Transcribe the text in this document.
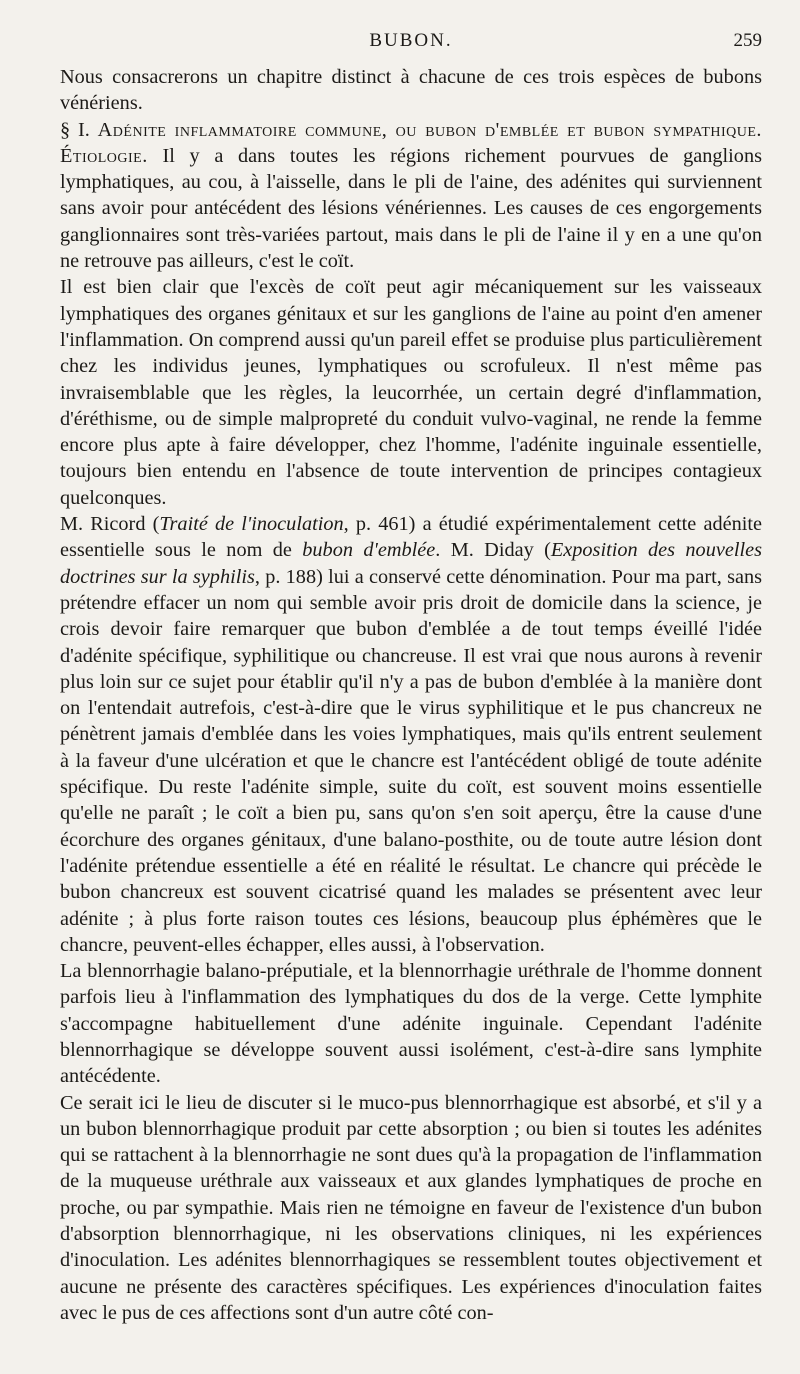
BUBON.	259

Nous consacrerons un chapitre distinct à chacune de ces trois espèces de bubons vénériens.

§ I. Adénite inflammatoire commune, ou bubon d'emblée et bubon sympathique. Étiologie. Il y a dans toutes les régions richement pourvues de ganglions lymphatiques, au cou, à l'aisselle, dans le pli de l'aine, des adénites qui surviennent sans avoir pour antécédent des lésions vénériennes. Les causes de ces engorgements ganglionnaires sont très-variées partout, mais dans le pli de l'aine il y en a une qu'on ne retrouve pas ailleurs, c'est le coït.

Il est bien clair que l'excès de coït peut agir mécaniquement sur les vaisseaux lymphatiques des organes génitaux et sur les ganglions de l'aine au point d'en amener l'inflammation. On comprend aussi qu'un pareil effet se produise plus particulièrement chez les individus jeunes, lymphatiques ou scrofuleux. Il n'est même pas invraisemblable que les règles, la leucorrhée, un certain degré d'inflammation, d'éréthisme, ou de simple malpropreté du conduit vulvo-vaginal, ne rende la femme encore plus apte à faire développer, chez l'homme, l'adénite inguinale essentielle, toujours bien entendu en l'absence de toute intervention de principes contagieux quelconques.

M. Ricord (Traité de l'inoculation, p. 461) a étudié expérimentalement cette adénite essentielle sous le nom de bubon d'emblée. M. Diday (Exposition des nouvelles doctrines sur la syphilis, p. 188) lui a conservé cette dénomination. Pour ma part, sans prétendre effacer un nom qui semble avoir pris droit de domicile dans la science, je crois devoir faire remarquer que bubon d'emblée a de tout temps éveillé l'idée d'adénite spécifique, syphilitique ou chancreuse. Il est vrai que nous aurons à revenir plus loin sur ce sujet pour établir qu'il n'y a pas de bubon d'emblée à la manière dont on l'entendait autrefois, c'est-à-dire que le virus syphilitique et le pus chancreux ne pénètrent jamais d'emblée dans les voies lymphatiques, mais qu'ils entrent seulement à la faveur d'une ulcération et que le chancre est l'antécédent obligé de toute adénite spécifique. Du reste l'adénite simple, suite du coït, est souvent moins essentielle qu'elle ne paraît ; le coït a bien pu, sans qu'on s'en soit aperçu, être la cause d'une écorchure des organes génitaux, d'une balano-posthite, ou de toute autre lésion dont l'adénite prétendue essentielle a été en réalité le résultat. Le chancre qui précède le bubon chancreux est souvent cicatrisé quand les malades se présentent avec leur adénite ; à plus forte raison toutes ces lésions, beaucoup plus éphémères que le chancre, peuvent-elles échapper, elles aussi, à l'observation.

La blennorrhagie balano-préputiale, et la blennorrhagie uréthrale de l'homme donnent parfois lieu à l'inflammation des lymphatiques du dos de la verge. Cette lymphite s'accompagne habituellement d'une adénite inguinale. Cependant l'adénite blennorrhagique se développe souvent aussi isolément, c'est-à-dire sans lymphite antécédente.

Ce serait ici le lieu de discuter si le muco-pus blennorrhagique est absorbé, et s'il y a un bubon blennorrhagique produit par cette absorption ; ou bien si toutes les adénites qui se rattachent à la blennorrhagie ne sont dues qu'à la propagation de l'inflammation de la muqueuse uréthrale aux vaisseaux et aux glandes lymphatiques de proche en proche, ou par sympathie. Mais rien ne témoigne en faveur de l'existence d'un bubon d'absorption blennorrhagique, ni les observations cliniques, ni les expériences d'inoculation. Les adénites blennorrhagiques se ressemblent toutes objectivement et aucune ne présente des caractères spécifiques. Les expériences d'inoculation faites avec le pus de ces affections sont d'un autre côté con-
